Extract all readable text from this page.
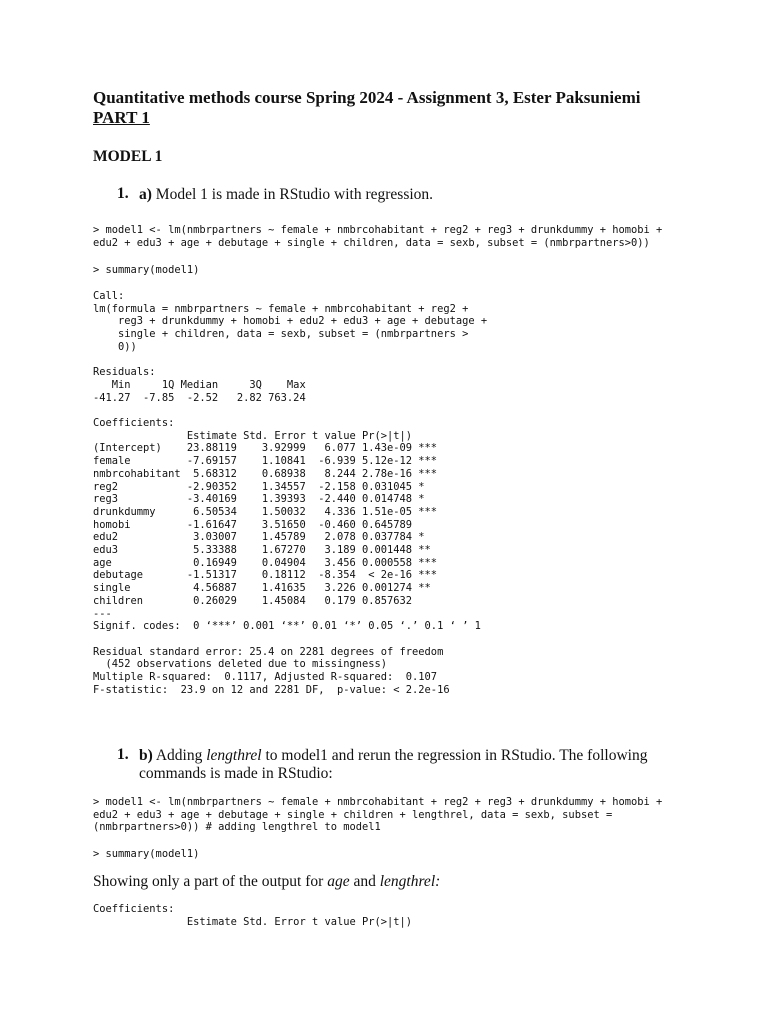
Quantitative methods course Spring 2024 - Assignment 3, Ester Paksuniemi
PART 1
MODEL 1
1. a) Model 1 is made in RStudio with regression.
> model1 <- lm(nmbrpartners ~ female + nmbrcohabitant + reg2 + reg3 + drunkdummy + homobi +
edu2 + edu3 + age + debutage + single + children, data = sexb, subset = (nmbrpartners>0))
> summary(model1)
Call:
lm(formula = nmbrpartners ~ female + nmbrcohabitant + reg2 +
reg3 + drunkdummy + homobi + edu2 + edu3 + age + debutage +
single + children, data = sexb, subset = (nmbrpartners >
0))

Residuals:
Min     1Q Median     3Q    Max
-41.27  -7.85  -2.52   2.82 763.24

Coefficients:
Estimate Std. Error t value Pr(>|t|)
(Intercept)    23.88119    3.92999   6.077 1.43e-09 ***
female         -7.69157    1.10841  -6.939 5.12e-12 ***
nmbrcohabitant  5.68312    0.68938   8.244 2.78e-16 ***
reg2           -2.90352    1.34557  -2.158 0.031045 *
reg3           -3.40169    1.39393  -2.440 0.014748 *
drunkdummy      6.50534    1.50032   4.336 1.51e-05 ***
homobi         -1.61647    3.51650  -0.460 0.645789
edu2            3.03007    1.45789   2.078 0.037784 *
edu3            5.33388    1.67270   3.189 0.001448 **
age             0.16949    0.04904   3.456 0.000558 ***
debutage       -1.51317    0.18112  -8.354  < 2e-16 ***
single          4.56887    1.41635   3.226 0.001274 **
children        0.26029    1.45084   0.179 0.857632
---
Signif. codes:  0 ‘***’ 0.001 ‘**’ 0.01 ‘*’ 0.05 ‘.’ 0.1 ‘ ’ 1

Residual standard error: 25.4 on 2281 degrees of freedom
(452 observations deleted due to missingness)
Multiple R-squared:  0.1117, Adjusted R-squared:  0.107
F-statistic:  23.9 on 12 and 2281 DF,  p-value: < 2.2e-16
1. b) Adding lengthrel to model1 and rerun the regression in RStudio. The following
commands is made in RStudio:
> model1 <- lm(nmbrpartners ~ female + nmbrcohabitant + reg2 + reg3 + drunkdummy + homobi +
edu2 + edu3 + age + debutage + single + children + lengthrel, data = sexb, subset =
(nmbrpartners>0)) # adding lengthrel to model1
> summary(model1)
Showing only a part of the output for age and lengthrel:
Coefficients:
Estimate Std. Error t value Pr(>|t|)
